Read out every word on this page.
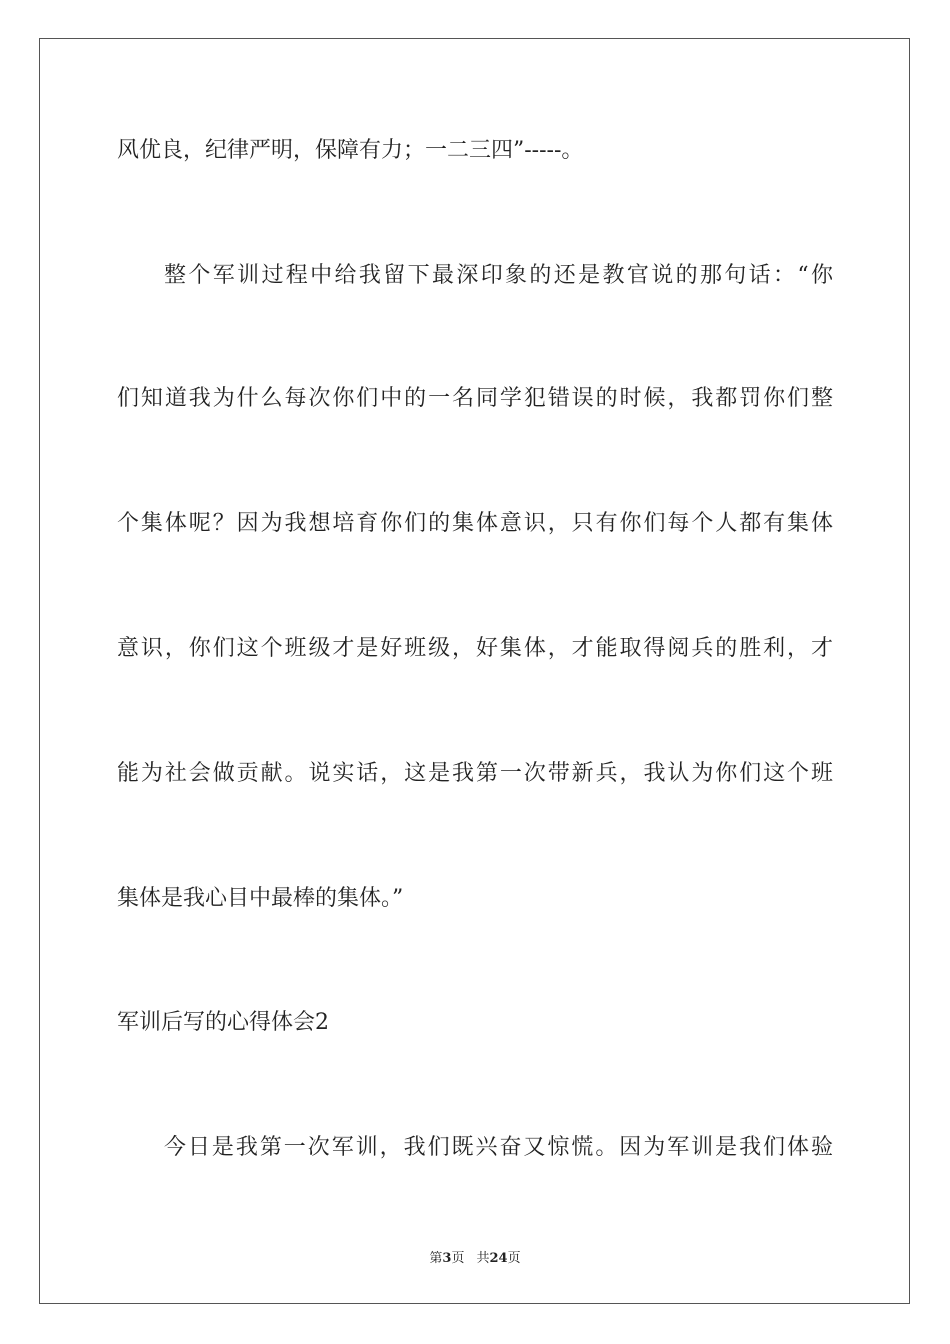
风优良，纪律严明，保障有力；一二三四”-----。
整个军训过程中给我留下最深印象的还是教官说的那句话：“你
们知道我为什么每次你们中的一名同学犯错误的时候，我都罚你们整
个集体呢？因为我想培育你们的集体意识，只有你们每个人都有集体
意识，你们这个班级才是好班级，好集体，才能取得阅兵的胜利，才
能为社会做贡献。说实话，这是我第一次带新兵，我认为你们这个班
集体是我心目中最棒的集体。”
军训后写的心得体会2
今日是我第一次军训，我们既兴奋又惊慌。因为军训是我们体验
第3页 共24页
